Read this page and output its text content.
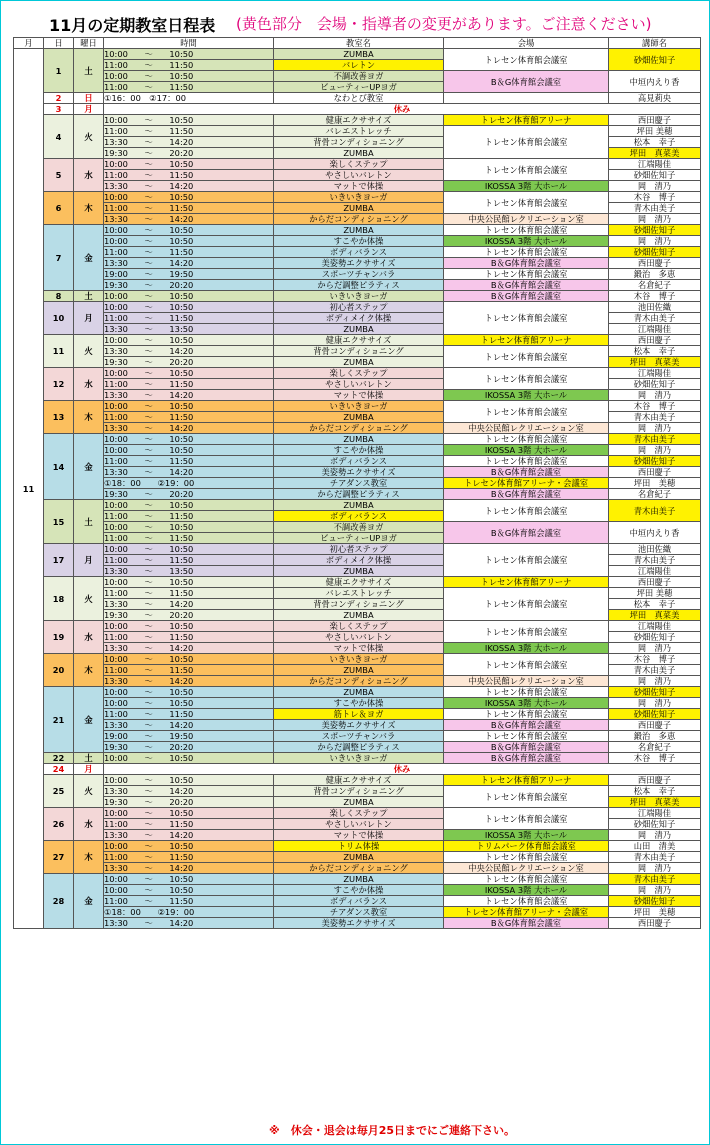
11月の定期教室日程表 (黄色部分　会場・指導者の変更があります。ご注意ください)
月	日	曜日	時間	教室名	会場	講師名
11	1	土	10:00　　～　　10:50	ZUMBA	トレセン体育館会議室	砂畑佐知子
			11:00　　～　　11:50	バレトン		
			10:00　　～　　10:50	不調改善ヨガ	B＆G体育館会議室	中垣内えり香
			11:00　　～　　11:50	ビューティーUPヨガ		
	2	日	①16：00　②17：00	なわとび教室		高見莉央
	3	月	休み			
	4	火	10:00　　～　　10:50	健康エクササイズ	トレセン体育館アリーナ	西田慶子
			11:00　　～　　11:50	バレエストレッチ	トレセン体育館会議室	坪田 美穂
			13:30　　～　　14:20	背骨コンディショニング		松本　幸子
			19:30　　～　　20:20	ZUMBA		坪田　真菜美
	5	水	10:00　　～　　10:50	楽しくステップ	トレセン体育館会議室	江端陽佳
			11:00　　～　　11:50	やさしいバレトン		砂畑佐知子
			13:30　　～　　14:20	マットで体操	IKOSSA 3階 大ホール	岡　清乃
	6	木	10:00　　～　　10:50	いきいきヨーガ	トレセン体育館会議室	木谷　博子
			11:00　　～　　11:50	ZUMBA		青木由美子
			13:30　　～　　14:20	からだコンディショニング	中央公民館レクリエーション室	岡　清乃
	7	金	10:00　　～　　10:50	ZUMBA	トレセン体育館会議室	砂畑佐知子
			10:00　　～　　10:50	すこやか体操	IKOSSA 3階 大ホール	岡　清乃
			11:00　　～　　11:50	ボディバランス	トレセン体育館会議室	砂畑佐知子
			13:30　　～　　14:20	美姿勢エクササイズ	B＆G体育館会議室	西田慶子
			19:00　　～　　19:50	スポーツチャンバラ	トレセン体育館会議室	鍛治　多恵
			19:30　　～　　20:20	からだ調整ピラティス	B＆G体育館会議室	名倉紀子
	8	土	10:00　　～　　10:50	いきいきヨーガ	B＆G体育館会議室	木谷　博子
	10	月	10:00　　～　　10:50	初心者ステップ	トレセン体育館会議室	池田佐織
			11:00　　～　　11:50	ボディメイク体操		青木由美子
			13:30　　～　　13:50	ZUMBA		江端陽佳
	11	火	10:00　　～　　10:50	健康エクササイズ	トレセン体育館アリーナ	西田慶子
			13:30　　～　　14:20	背骨コンディショニング	トレセン体育館会議室	松本　幸子
			19:30　　～　　20:20	ZUMBA		坪田　真菜美
	12	水	10:00　　～　　10:50	楽しくステップ	トレセン体育館会議室	江端陽佳
			11:00　　～　　11:50	やさしいバレトン		砂畑佐知子
			13:30　　～　　14:20	マットで体操	IKOSSA 3階 大ホール	岡　清乃
	13	木	10:00　　～　　10:50	いきいきヨーガ	トレセン体育館会議室	木谷　博子
			11:00　　～　　11:50	ZUMBA		青木由美子
			13:30　　～　　14:20	からだコンディショニング	中央公民館レクリエーション室	岡　清乃
	14	金	10:00　　～　　10:50	ZUMBA	トレセン体育館会議室	青木由美子
			10:00　　～　　10:50	すこやか体操	IKOSSA 3階 大ホール	岡　清乃
			11:00　　～　　11:50	ボディバランス	トレセン体育館会議室	砂畑佐知子
			13:30　　～　　14:20	美姿勢エクササイズ	B＆G体育館会議室	西田慶子
			①18：00　　②19：00	チアダンス教室	トレセン体育館アリーナ・会議室	坪田　美穂
			19:30　　～　　20:20	からだ調整ピラティス	B＆G体育館会議室	名倉紀子
	15	土	10:00　　～　　10:50	ZUMBA	トレセン体育館会議室	青木由美子
			11:00　　～　　11:50	ボディバランス		
			10:00　　～　　10:50	不調改善ヨガ	B＆G体育館会議室	中垣内えり香
			11:00　　～　　11:50	ビューティーUPヨガ		
	17	月	10:00　　～　　10:50	初心者ステップ	トレセン体育館会議室	池田佐織
			11:00　　～　　11:50	ボディメイク体操		青木由美子
			13:30　　～　　13:50	ZUMBA		江端陽佳
	18	火	10:00　　～　　10:50	健康エクササイズ	トレセン体育館アリーナ	西田慶子
			11:00　　～　　11:50	バレエストレッチ	トレセン体育館会議室	坪田 美穂
			13:30　　～　　14:20	背骨コンディショニング		松本　幸子
			19:30　　～　　20:20	ZUMBA		坪田　真菜美
	19	水	10:00　　～　　10:50	楽しくステップ	トレセン体育館会議室	江端陽佳
			11:00　　～　　11:50	やさしいバレトン		砂畑佐知子
			13:30　　～　　14:20	マットで体操	IKOSSA 3階 大ホール	岡　清乃
	20	木	10:00　　～　　10:50	いきいきヨーガ	トレセン体育館会議室	木谷　博子
			11:00　　～　　11:50	ZUMBA		青木由美子
			13:30　　～　　14:20	からだコンディショニング	中央公民館レクリエーション室	岡　清乃
	21	金	10:00　　～　　10:50	ZUMBA	トレセン体育館会議室	砂畑佐知子
			10:00　　～　　10:50	すこやか体操	IKOSSA 3階 大ホール	岡　清乃
			11:00　　～　　11:50	筋トレ＆ヨガ	トレセン体育館会議室	砂畑佐知子
			13:30　　～　　14:20	美姿勢エクササイズ	B＆G体育館会議室	西田慶子
			19:00　　～　　19:50	スポーツチャンバラ	トレセン体育館会議室	鍛治　多恵
			19:30　　～　　20:20	からだ調整ピラティス	B＆G体育館会議室	名倉紀子
	22	土	10:00　　～　　10:50	いきいきヨーガ	B＆G体育館会議室	木谷　博子
	24	月	休み			
	25	火	10:00　　～　　10:50	健康エクササイズ	トレセン体育館アリーナ	西田慶子
			13:30　　～　　14:20	背骨コンディショニング	トレセン体育館会議室	松本　幸子
			19:30　　～　　20:20	ZUMBA		坪田　真菜美
	26	水	10:00　　～　　10:50	楽しくステップ	トレセン体育館会議室	江端陽佳
			11:00　　～　　11:50	やさしいバレトン		砂畑佐知子
			13:30　　～　　14:20	マットで体操	IKOSSA 3階 大ホール	岡　清乃
	27	木	10:00　　～　　10:50	トリム体操	トリムパーク体育館会議室	山田　清美
			11:00　　～　　11:50	ZUMBA	トレセン体育館会議室	青木由美子
			13:30　　～　　14:20	からだコンディショニング	中央公民館レクリエーション室	岡　清乃
	28	金	10:00　　～　　10:50	ZUMBA	トレセン体育館会議室	青木由美子
			10:00　　～　　10:50	すこやか体操	IKOSSA 3階 大ホール	岡　清乃
			11:00　　～　　11:50	ボディバランス	トレセン体育館会議室	砂畑佐知子
			①18：00　　②19：00	チアダンス教室	トレセン体育館アリーナ・会議室	坪田　美穂
			13:30　　～　　14:20	美姿勢エクササイズ	B＆G体育館会議室	西田慶子
※　休会・退会は毎月25日までにご連絡下さい。
